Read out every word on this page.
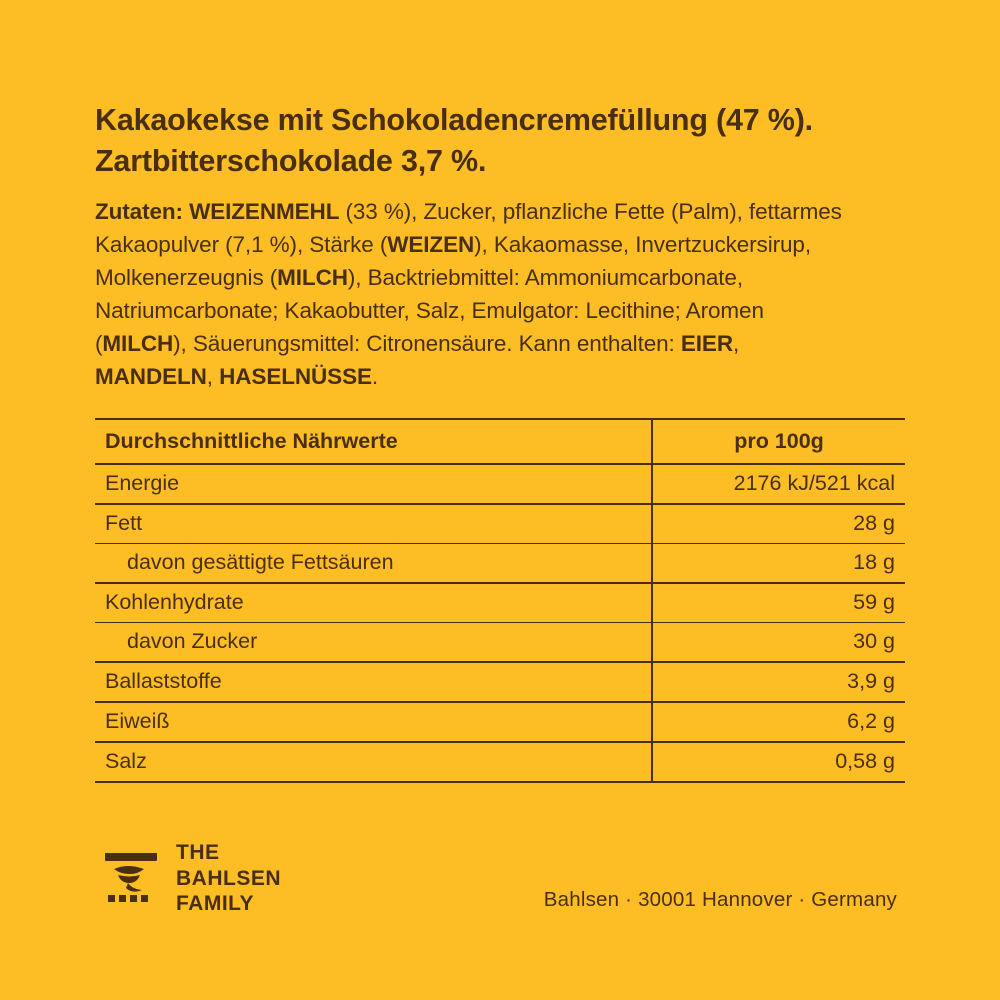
Kakaokekse mit Schokoladencremefüllung (47 %). Zartbitterschokolade 3,7 %.

Zutaten: WEIZENMEHL (33 %), Zucker, pflanzliche Fette (Palm), fettarmes Kakaopulver (7,1 %), Stärke (WEIZEN), Kakaomasse, Invertzuckersirup, Molkenerzeugnis (MILCH), Backtriebmittel: Ammoniumcarbonate, Natriumcarbonate; Kakaobutter, Salz, Emulgator: Lecithine; Aromen (MILCH), Säuerungsmittel: Citronensäure. Kann enthalten: EIER, MANDELN, HASELNÜSSE.

Durchschnittliche Nährwerte	pro 100g
Energie	2176 kJ/521 kcal
Fett	28 g
davon gesättigte Fettsäuren	18 g
Kohlenhydrate	59 g
davon Zucker	30 g
Ballaststoffe	3,9 g
Eiweiß	6,2 g
Salz	0,58 g
THE
BAHLSEN
FAMILY	Bahlsen · 30001 Hannover · Germany
